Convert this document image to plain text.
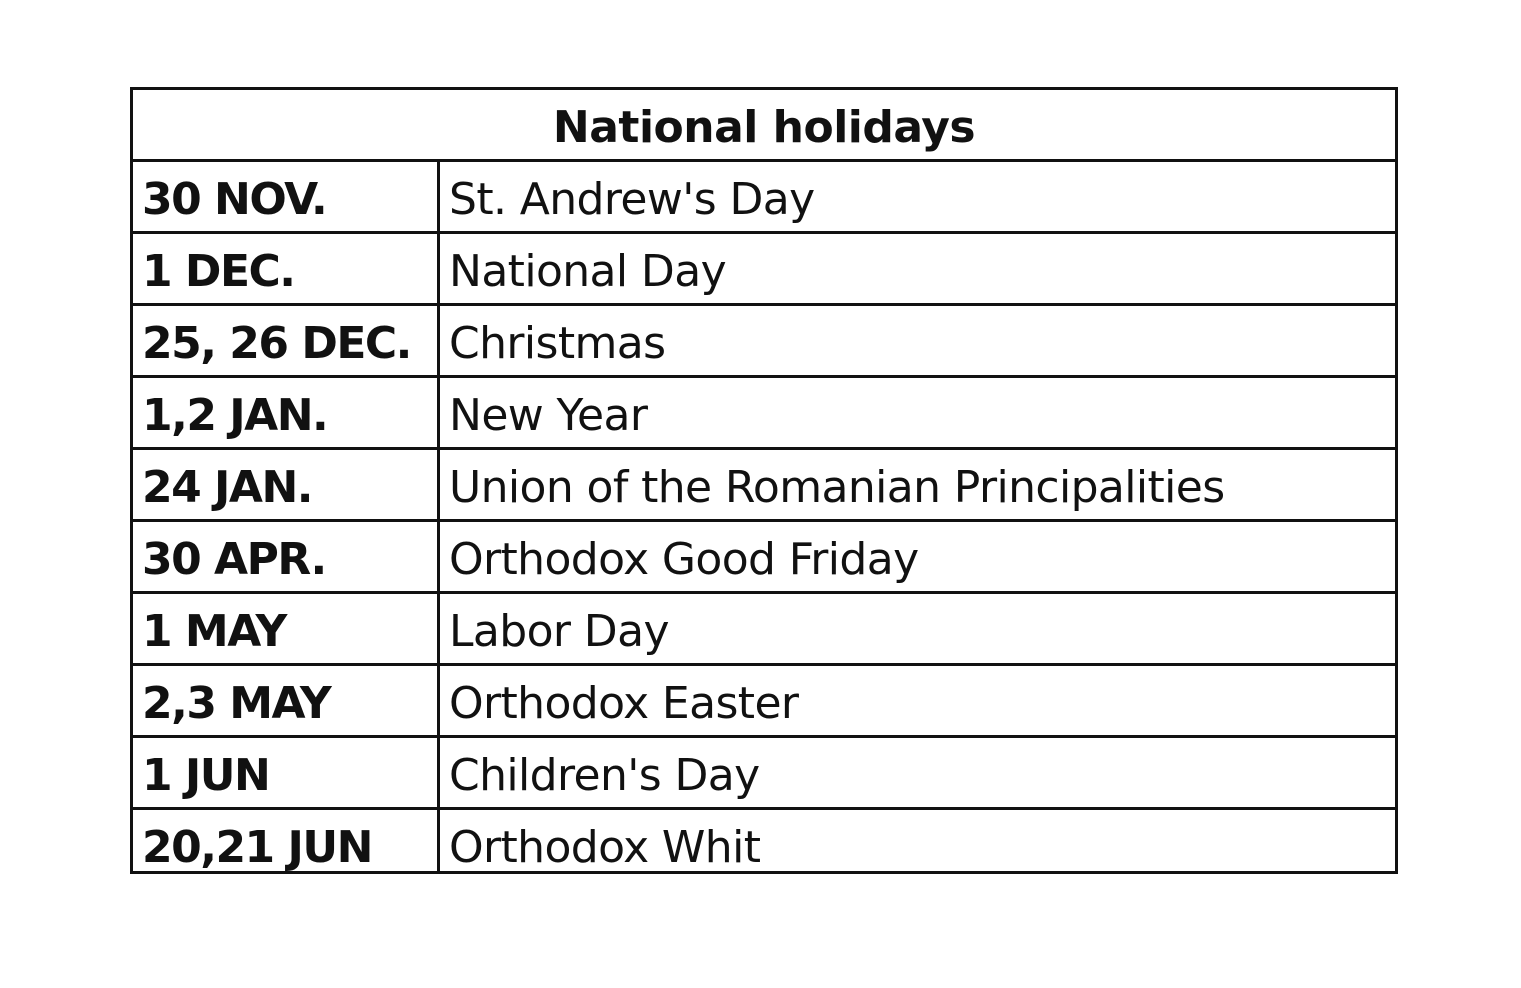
National holidays
30 NOV.	St. Andrew's Day
1 DEC.	National Day
25, 26 DEC. Christmas
1,2 JAN.	New Year
24 JAN.	Union of the Romanian Principalities
30 APR.	Orthodox Good Friday
1 MAY	Labor Day
2,3 MAY	Orthodox Easter
1 JUN	Children's Day
20,21 JUN Orthodox Whit
